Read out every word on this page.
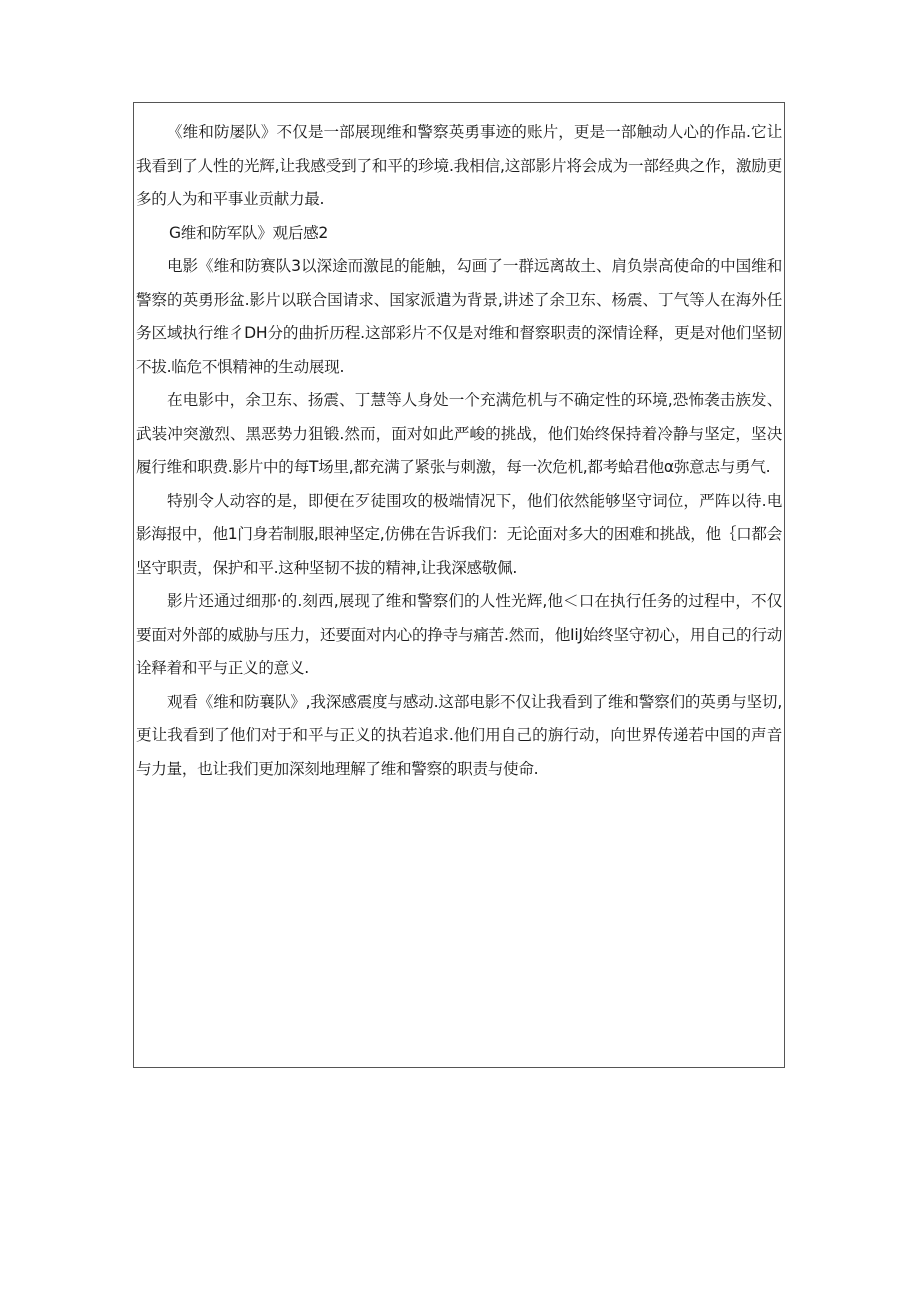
《维和防屡队》不仅是一部展现维和警察英勇事迹的账片，更是一部触动人心的作品.它让我看到了人性的光辉,让我感受到了和平的珍境.我相信,这部影片将会成为一部经典之作，激励更多的人为和平事业贡献力最.

G维和防军队》观后感2

电影《维和防赛队3以深途而激昆的能触，勾画了一群远离故土、肩负崇高使命的中国维和警察的英勇形盆.影片以联合国请求、国家派遣为背景,讲述了余卫东、杨震、丁气等人在海外任务区域执行维彳DH分的曲折历程.这部彩片不仅是对维和督察职责的深情诠释，更是对他们坚韧不拔.临危不惧精神的生动展现.

在电影中，余卫东、扬震、丁慧等人身处一个充满危机与不确定性的环境,恐怖袭击族发、武装冲突激烈、黑恶势力狙锻.然而，面对如此严峻的挑战，他们始终保持着冷静与坚定，坚决履行维和职费.影片中的每T场里,都充满了紧张与刺激，每一次危机,都考蛤君他α弥意志与勇气.

特别令人动容的是，即便在歹徒围攻的极端情况下，他们依然能够坚守词位，严阵以待.电影海报中，他1门身若制服,眼神坚定,仿佛在告诉我们：无论面对多大的困难和挑战，他｛口都会坚守职责，保护和平.这种坚韧不拔的精神,让我深感敬佩.

影片还通过细那·的.刻西,展现了维和警察们的人性光辉,他＜口在执行任务的过程中，不仅要面对外部的威胁与压力，还要面对内心的挣寺与痛苦.然而，他IiJ始终坚守初心，用自己的行动诠释着和平与正义的意义.

观看《维和防襄队》,我深感震度与感动.这部电影不仅让我看到了维和警察们的英勇与坚切,更让我看到了他们对于和平与正义的执若追求.他们用自己的旃行动，向世界传递若中国的声音与力量，也让我们更加深刻地理解了维和警察的职责与使命.
